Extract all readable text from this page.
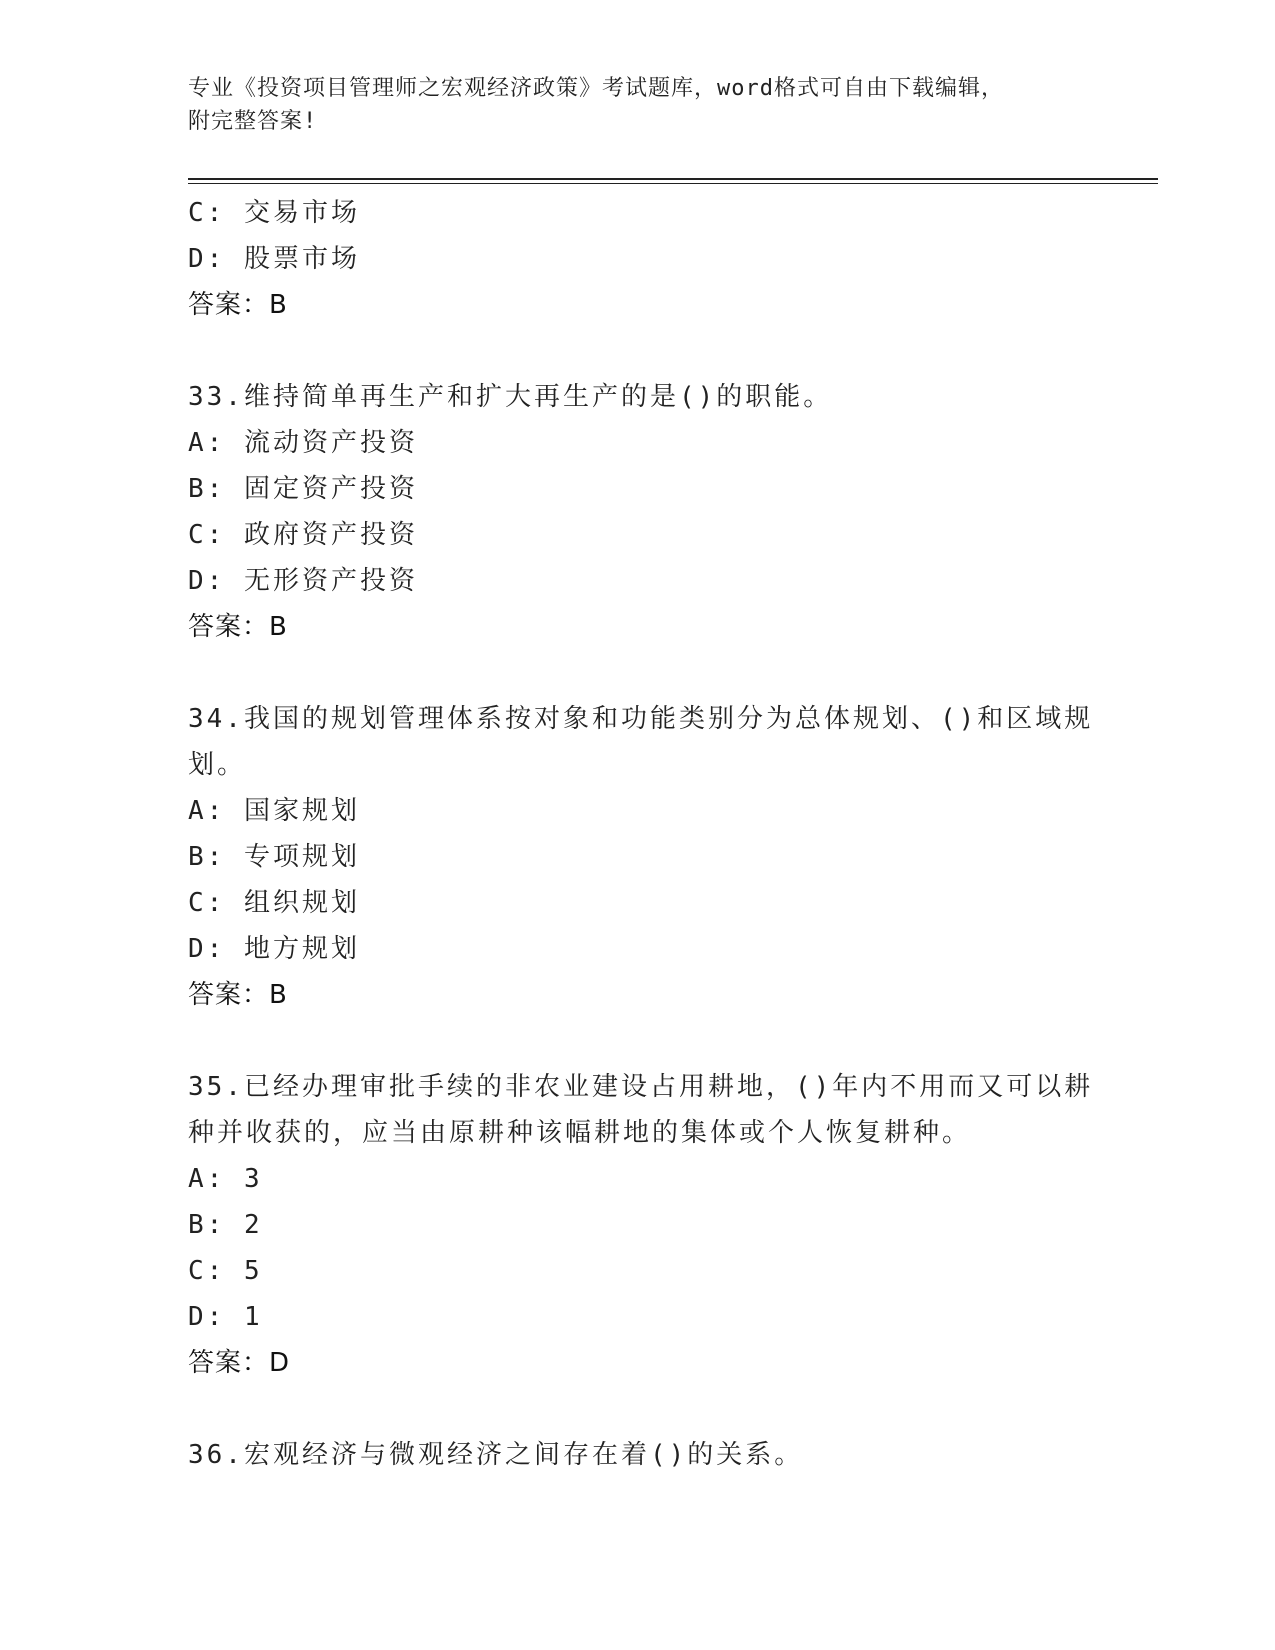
专业《投资项目管理师之宏观经济政策》考试题库，word格式可自由下载编辑，
附完整答案!
C: 交易市场
D: 股票市场
答案：B
33.维持简单再生产和扩大再生产的是()的职能。
A: 流动资产投资
B: 固定资产投资
C: 政府资产投资
D: 无形资产投资
答案：B
34.我国的规划管理体系按对象和功能类别分为总体规划、()和区域规
划。
A: 国家规划
B: 专项规划
C: 组织规划
D: 地方规划
答案：B
35.已经办理审批手续的非农业建设占用耕地，()年内不用而又可以耕
种并收获的，应当由原耕种该幅耕地的集体或个人恢复耕种。
A: 3
B: 2
C: 5
D: 1
答案：D
36.宏观经济与微观经济之间存在着()的关系。
